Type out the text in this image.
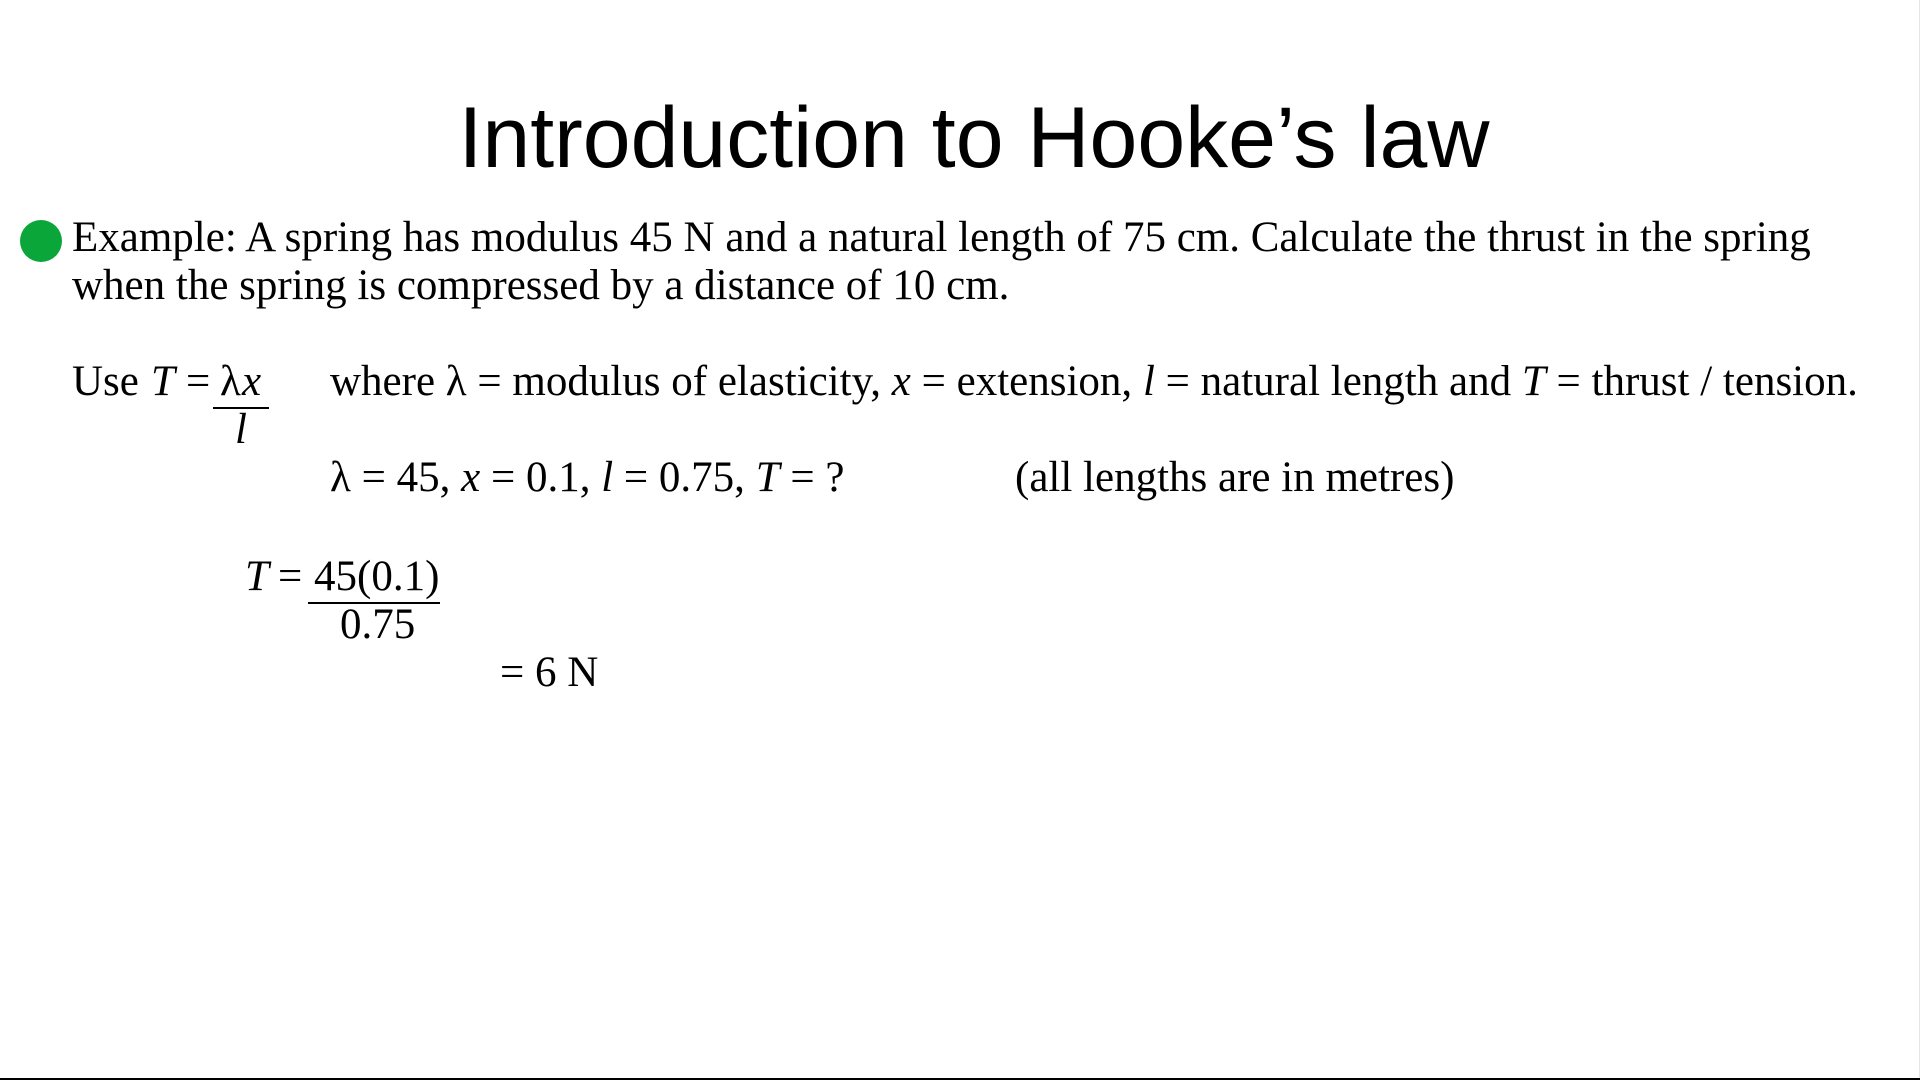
Introduction to Hooke’s law
Example: A spring has modulus 45 N and a natural length of 75 cm. Calculate the thrust in the spring
when the spring is compressed by a distance of 10 cm.
Use T = λ x
l
where λ = modulus of elasticity, x = extension, l = natural length and T = thrust / tension.
λ = 45, x = 0.1, l = 0.75, T = ?	(all lengths are in metres)
T = 45(0.1)
0.75
= 6 N
